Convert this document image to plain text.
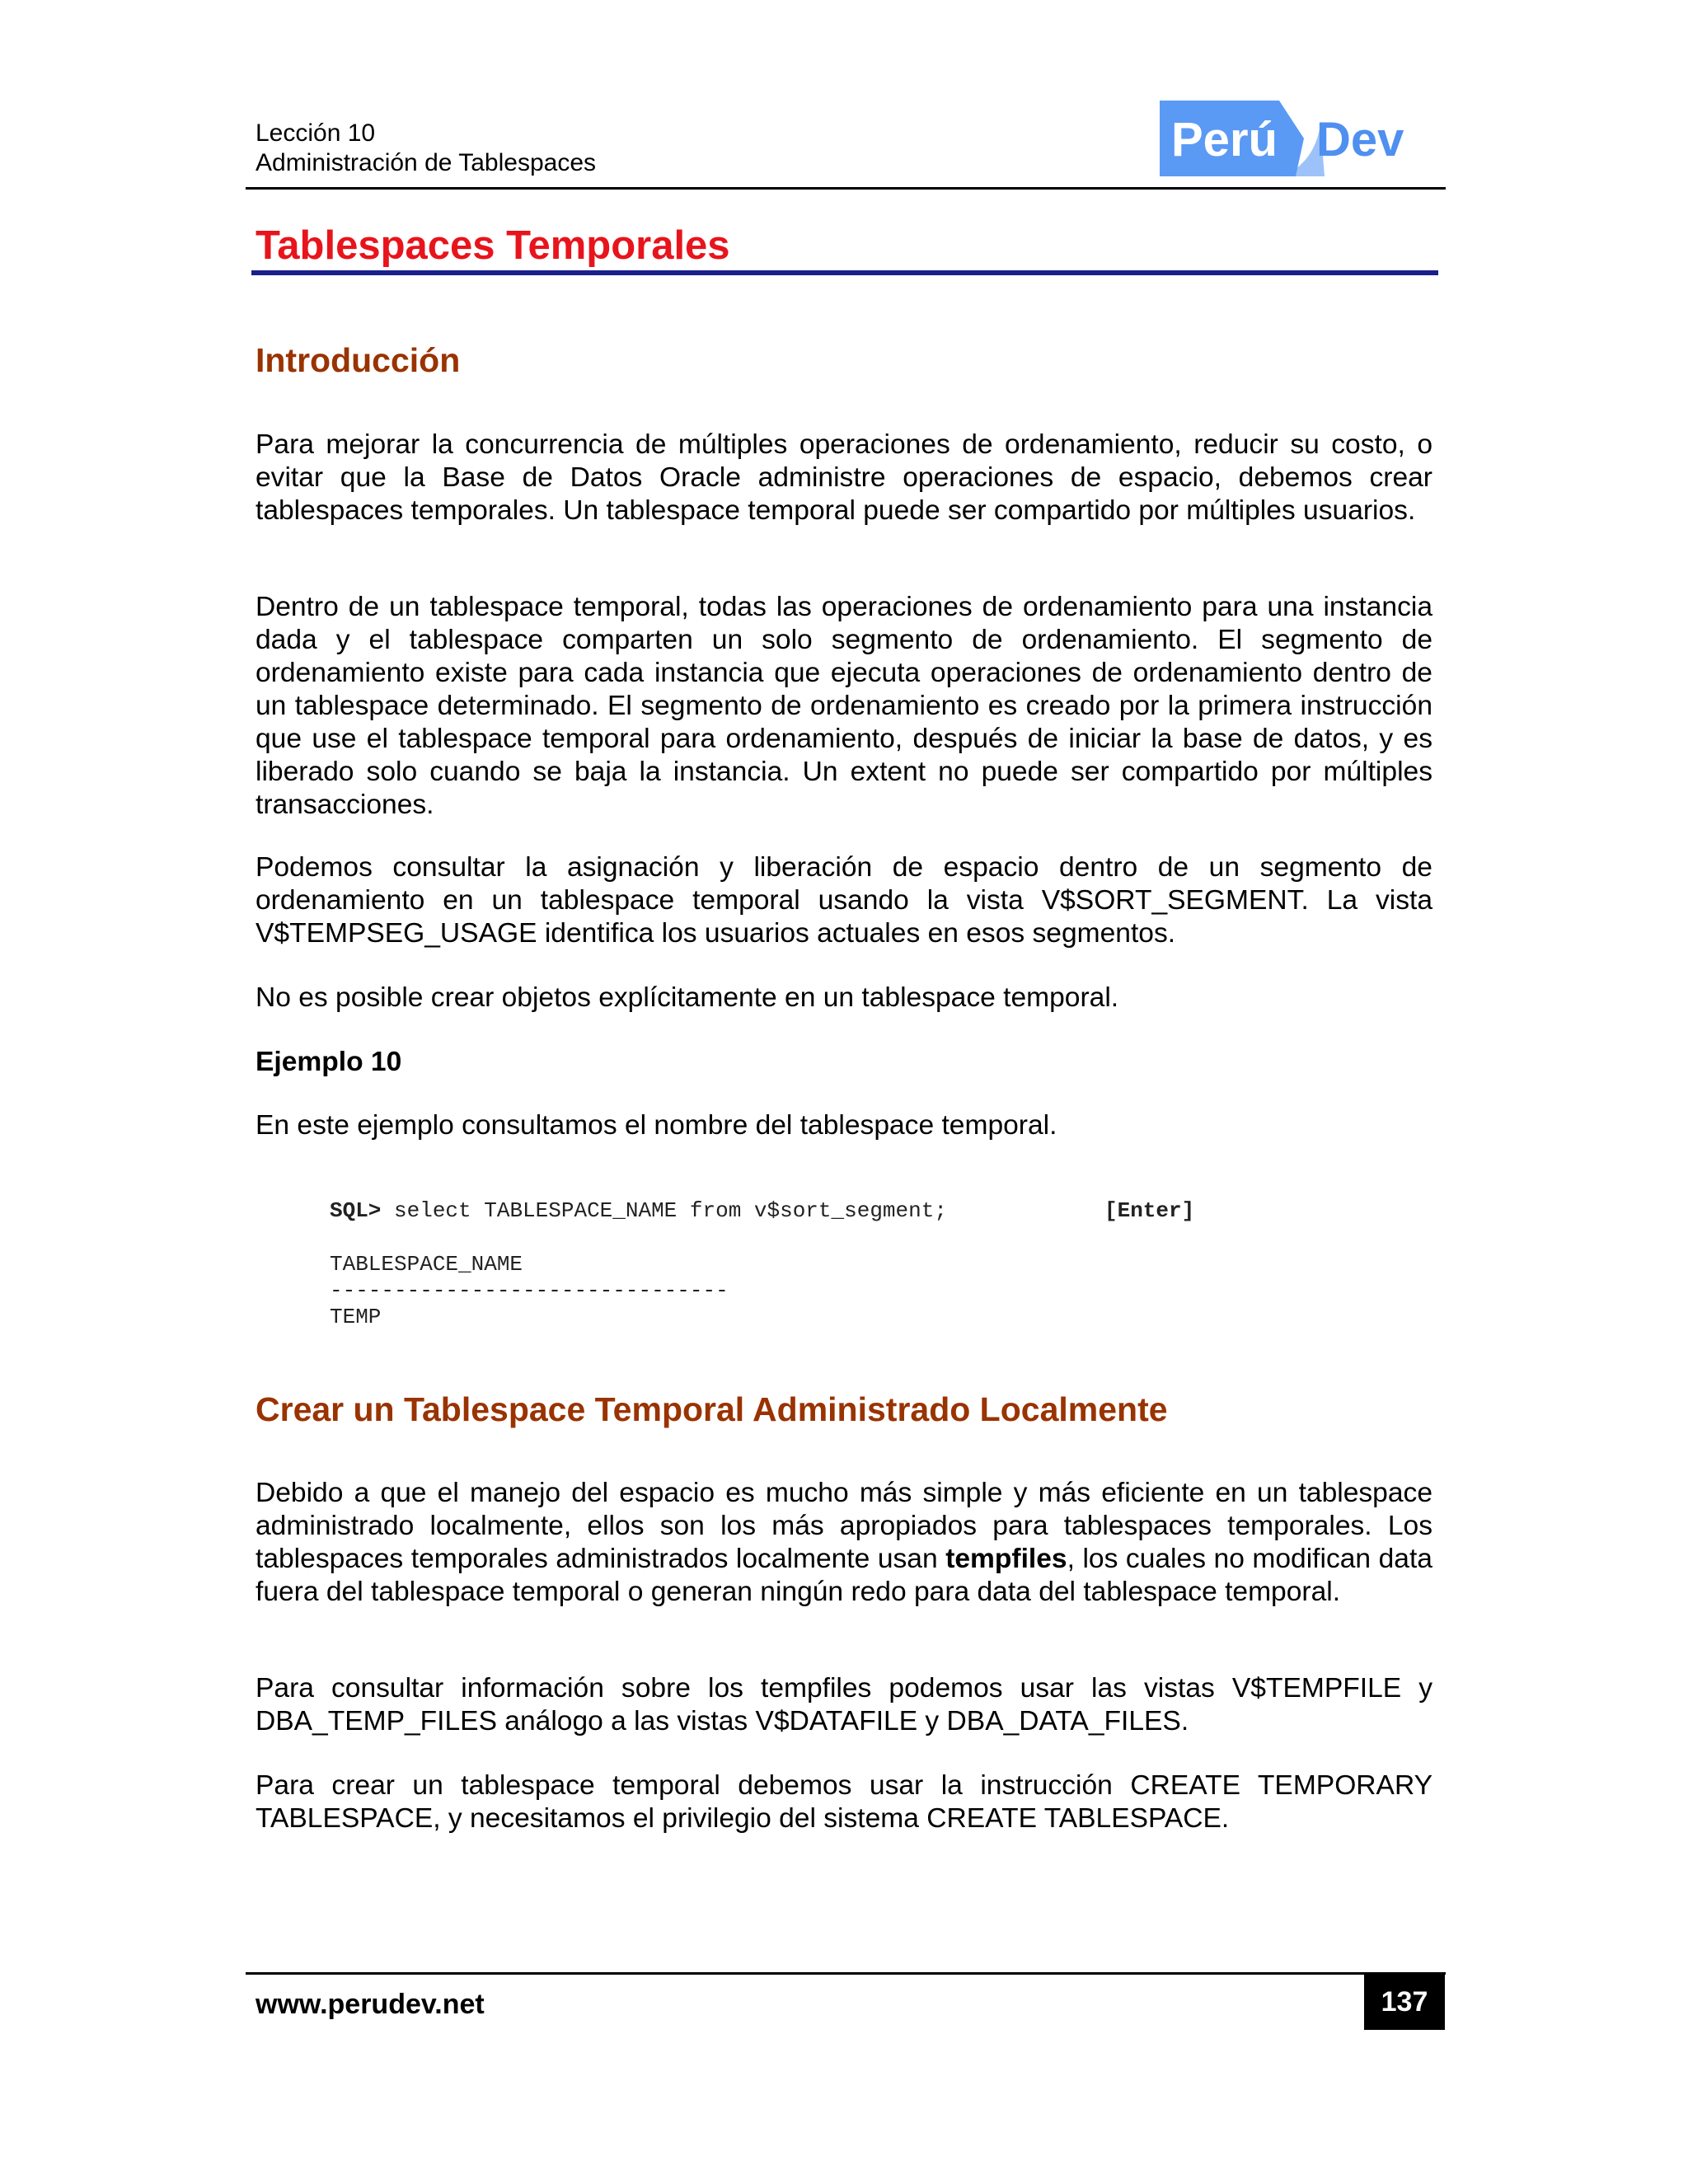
Lección 10
Administración de Tablespaces	Perú Dev
Tablespaces Temporales
Introducción
Para mejorar la concurrencia de múltiples operaciones de ordenamiento, reducir su costo, o evitar que la Base de Datos Oracle administre operaciones de espacio, debemos crear tablespaces temporales. Un tablespace temporal puede ser compartido por múltiples usuarios.
Dentro de un tablespace temporal, todas las operaciones de ordenamiento para una instancia dada y el tablespace comparten un solo segmento de ordenamiento. El segmento de ordenamiento existe para cada instancia que ejecuta operaciones de ordenamiento dentro de un tablespace determinado. El segmento de ordenamiento es creado por la primera instrucción que use el tablespace temporal para ordenamiento, después de iniciar la base de datos, y es liberado solo cuando se baja la instancia. Un extent no puede ser compartido por múltiples transacciones.
Podemos consultar la asignación y liberación de espacio dentro de un segmento de ordenamiento en un tablespace temporal usando la vista V$SORT_SEGMENT. La vista V$TEMPSEG_USAGE identifica los usuarios actuales en esos segmentos.
No es posible crear objetos explícitamente en un tablespace temporal.
Ejemplo 10
En este ejemplo consultamos el nombre del tablespace temporal.
SQL> select TABLESPACE_NAME from v$sort_segment;	[Enter]
TABLESPACE_NAME
-------------------------------
TEMP
Crear un Tablespace Temporal Administrado Localmente
Debido a que el manejo del espacio es mucho más simple y más eficiente en un tablespace administrado localmente, ellos son los más apropiados para tablespaces temporales. Los tablespaces temporales administrados localmente usan tempfiles, los cuales no modifican data fuera del tablespace temporal o generan ningún redo para data del tablespace temporal.
Para consultar información sobre los tempfiles podemos usar las vistas V$TEMPFILE y DBA_TEMP_FILES análogo a las vistas V$DATAFILE y DBA_DATA_FILES.
Para crear un tablespace temporal debemos usar la instrucción CREATE TEMPORARY TABLESPACE, y necesitamos el privilegio del sistema CREATE TABLESPACE.
www.perudev.net	137
